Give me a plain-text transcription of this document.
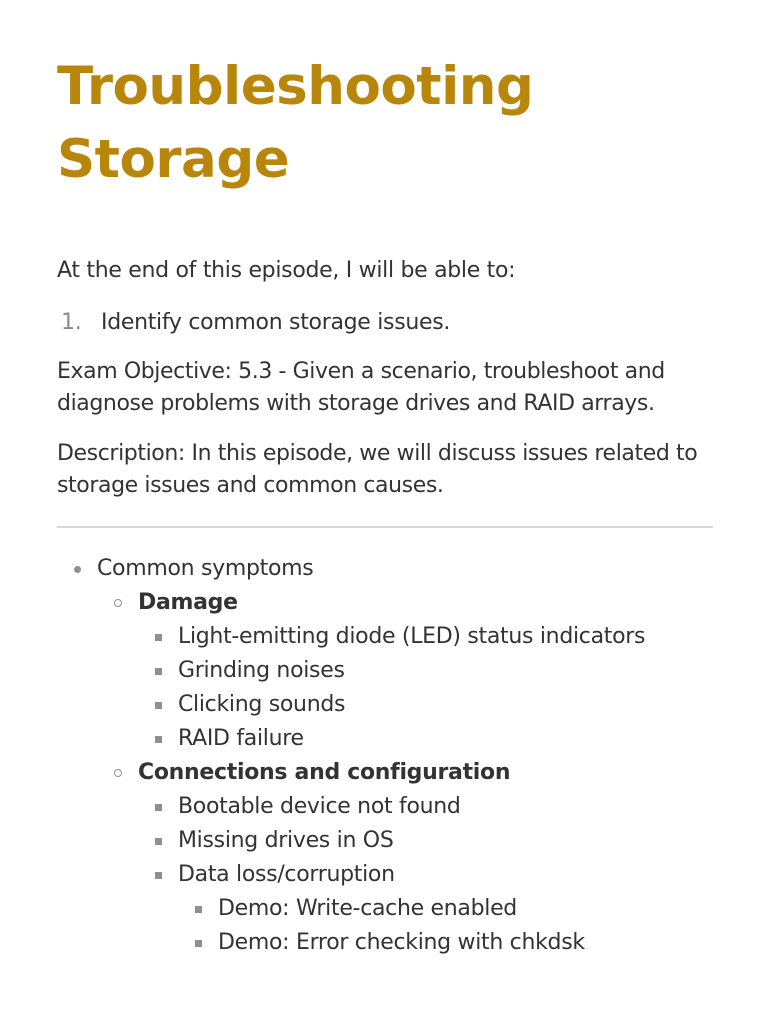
Troubleshooting
Storage
At the end of this episode, I will be able to:
1. Identify common storage issues.

Exam Objective: 5.3 - Given a scenario, troubleshoot and diagnose problems with storage drives and RAID arrays.

Description: In this episode, we will discuss issues related to storage issues and common causes.

Common symptoms
Damage
Light-emitting diode (LED) status indicators
Grinding noises
Clicking sounds
RAID failure
Connections and configuration
Bootable device not found
Missing drives in OS
Data loss/corruption
Demo: Write-cache enabled
Demo: Error checking with chkdsk
